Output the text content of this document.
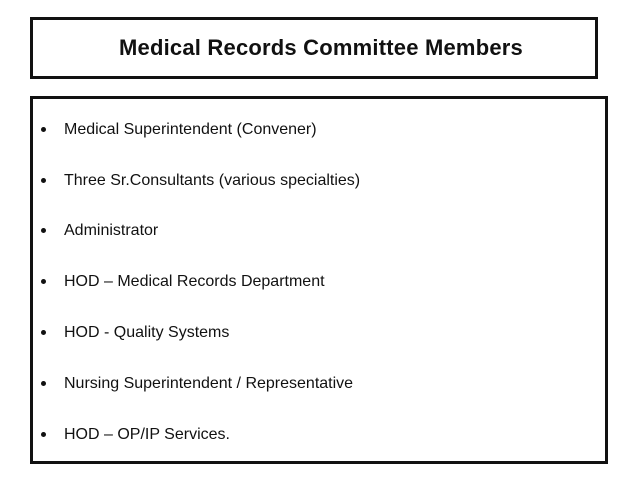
Medical Records Committee Members
Medical Superintendent (Convener)
Three Sr.Consultants (various specialties)
Administrator
HOD – Medical Records Department
HOD - Quality Systems
Nursing Superintendent / Representative
HOD – OP/IP Services.
